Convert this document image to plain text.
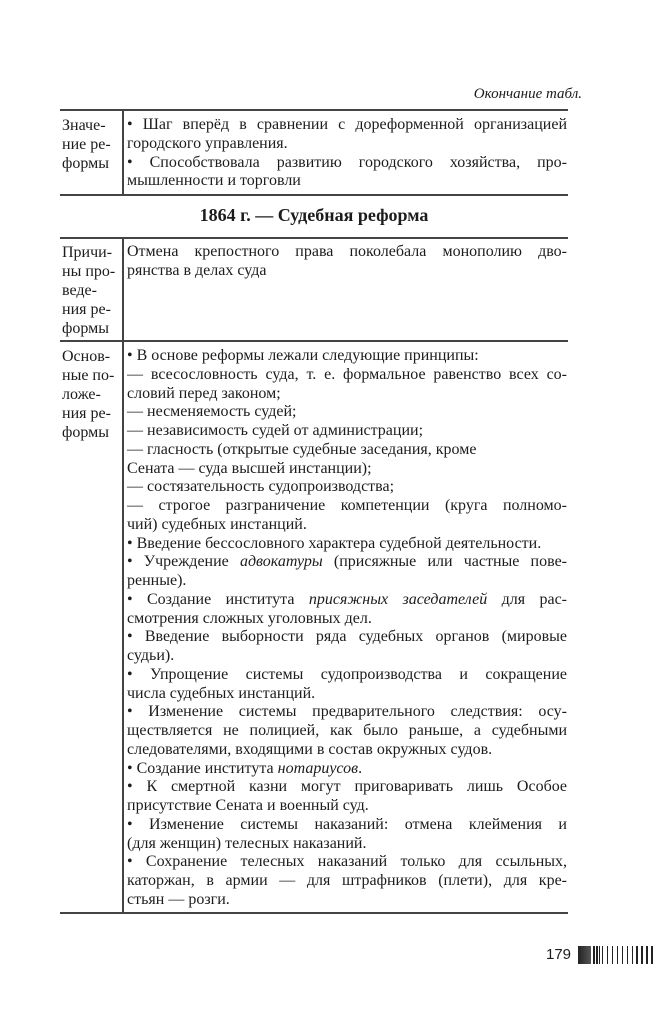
Окончание табл.
Значе-
ние ре-
формы
• Шаг вперёд в сравнении с дореформенной организацией
городского управления.
• Способствовала развитию городского хозяйства, про-
мышленности и торговли
1864 г. — Судебная реформа
Причи-
ны про-
веде-
ния ре-
формы
Отмена крепостного права поколебала монополию дво-
рянства в делах суда
Основ-
ные по-
ложе-
ния ре-
формы
• В основе реформы лежали следующие принципы:
— всесословность суда, т. е. формальное равенство всех со-
словий перед законом;
— несменяемость судей;
— независимость судей от администрации;
— гласность (открытые судебные заседания, кроме
Сената — суда высшей инстанции);
— состязательность судопроизводства;
— строгое разграничение компетенции (круга полномо-
чий) судебных инстанций.
• Введение бессословного характера судебной деятельности.
• Учреждение адвокатуры (присяжные или частные пове-
ренные).
• Создание института присяжных заседателей для рас-
смотрения сложных уголовных дел.
• Введение выборности ряда судебных органов (мировые
судьи).
• Упрощение системы судопроизводства и сокращение
числа судебных инстанций.
• Изменение системы предварительного следствия: осу-
ществляется не полицией, как было раньше, а судебными
следователями, входящими в состав окружных судов.
• Создание института нотариусов.
• К смертной казни могут приговаривать лишь Особое
присутствие Сената и военный суд.
• Изменение системы наказаний: отмена клеймения и
(для женщин) телесных наказаний.
• Сохранение телесных наказаний только для ссыльных,
каторжан, в армии — для штрафников (плети), для кре-
стьян — розги.
179
